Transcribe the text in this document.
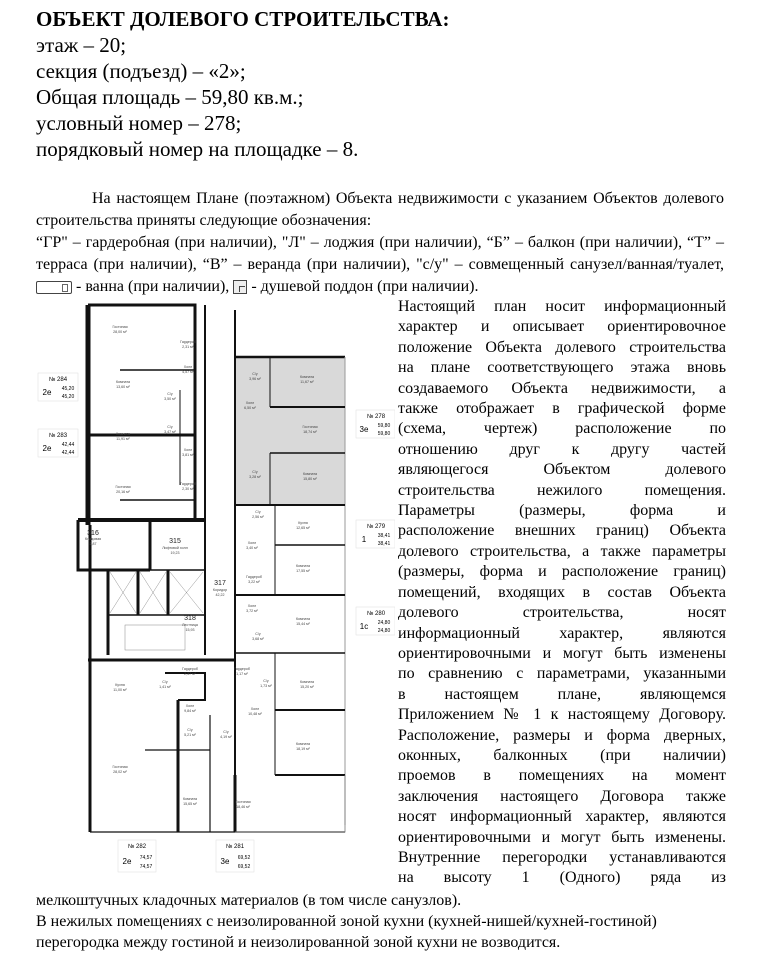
ОБЪЕКТ ДОЛЕВОГО СТРОИТЕЛЬСТВА:
этаж – 20;
секция (подъезд) – «2»;
Общая площадь – 59,80 кв.м.;
условный номер – 278;
порядковый номер на площадке – 8.

На настоящем Плане (поэтажном) Объекта недвижимости с указанием Объектов долевого строительства приняты следующие обозначения:

“ГР" – гардеробная (при наличии), "Л" – лоджия (при наличии), “Б” – балкон (при наличии), “Т” – терраса (при наличии), “В” – веранда (при наличии), "с/у" – совмещенный санузел/ванная/туалет,  - ванна (при наличии), - душевой поддон (при наличии).

Гостиная
28,00 м²
Гардероб
2,31 м²
Холл
4,57 м²
Комната
13,60 м²
С/у
3,50 м²
С/у
3,47 м²
Комната
11,91 м²
Холл
3,81 м²
Гардероб
2,30 м²
Гостиная
20,16 м²
С/у
3,96 м²	Комната
11,67 м²
Холл
6,50 м²
Гостиная
18,74 м²
С/у
3,28 м²
Комната
15,80 м²
С/у
2,56 м²
Кухня
12,65 м²
Холл
3,40 м²
Комната
17,55 м²
Гардероб
3,22 м²
Холл
3,72 м²
Комната
15,44 м²
С/у
3,68 м²
Гардероб
1,17 м²
С/у
1,73 м²
Комната
15,20 м²
Холл
10,48 м²
С/у
4,19 м²
Комната
18,19 м²
Гостиная
18,46 м²
С/у
1,41 м²
Гардероб
2,37 м²
Кухня
11,00 м²
Холл
9,84 м²
С/у
5,21 м²
Гостиная
28,02 м²
Комната
15,65 м²
316
Кладовая
2,87	315
Лифтовой холл
19,23
317
Коридор
42,22
318
Лестница
15,93
№ 284
2е 45,20
45,20
№ 283
2е 42,44
42,44
№ 278
3е 59,80
59,80
№ 279
1 38,41
38,41
№ 280
1с 24,80
24,80
№ 282
2е 74,57
74,57
№ 281
3е 69,52
69,52
Настоящий план носит информационный
характер и описывает ориентировочное
положение Объекта долевого строительства
на плане соответствующего этажа вновь
создаваемого Объекта недвижимости, а
также отображает в графической форме
(схема, чертеж) расположение по
отношению друг к другу частей
являющегося Объектом долевого
строительства нежилого помещения.
Параметры (размеры, форма и
расположение внешних границ) Объекта
долевого строительства, а также параметры
(размеры, форма и расположение границ)
помещений, входящих в состав Объекта
долевого строительства, носят
информационный характер, являются
ориентировочными и могут быть изменены
по сравнению с параметрами, указанными
в настоящем плане, являющемся
Приложением № 1 к настоящему Договору.
Расположение, размеры и форма дверных,
оконных, балконных (при наличии)
проемов в помещениях на момент
заключения настоящего Договора также
носят информационный характер, являются
ориентировочными и могут быть изменены.
Внутренние перегородки устанавливаются
на высоту 1 (Одного) ряда из
мелкоштучных кладочных материалов (в том числе санузлов).
В нежилых помещениях с неизолированной зоной кухни (кухней-нишей/кухней-гостиной)
перегородка между гостиной и неизолированной зоной кухни не возводится.
